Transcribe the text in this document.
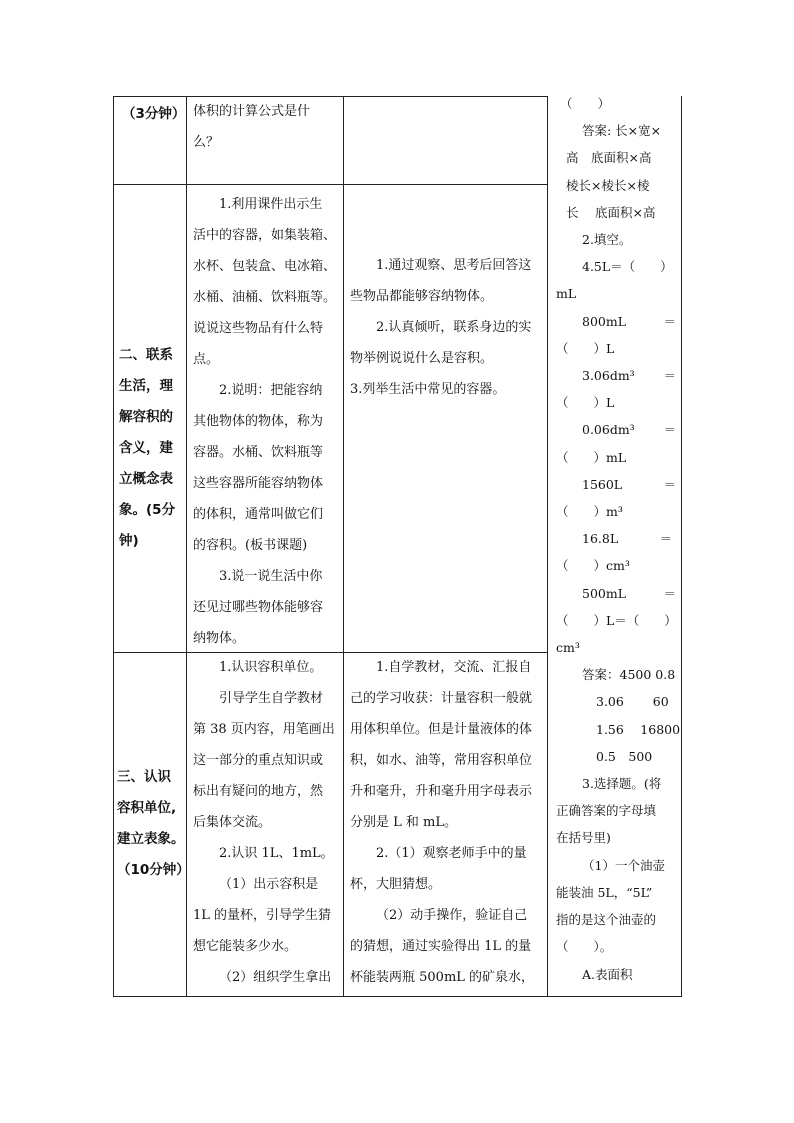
（3分钟） 体积的计算公式是什
么？
二、联系
生活，理
解容积的
含义，建
立概念表
象。(5分
钟)
1.利用课件出示生
活中的容器，如集装箱、
水杯、包装盒、电冰箱、
水桶、油桶、饮料瓶等。
说说这些物品有什么特
点。
2.说明：把能容纳
其他物体的物体，称为
容器。水桶、饮料瓶等
这些容器所能容纳物体
的体积，通常叫做它们
的容积。(板书课题)
3.说一说生活中你
还见过哪些物体能够容
纳物体。
1.通过观察、思考后回答这
些物品都能够容纳物体。
2.认真倾听，联系身边的实
物举例说说什么是容积。
3.列举生活中常见的容器。
三、认识
容积单位,
建立表象。
（10分钟）
1.认识容积单位。
引导学生自学教材
第 38 页内容，用笔画出
这一部分的重点知识或
标出有疑问的地方，然
后集体交流。
2.认识 1L、1mL。
（1）出示容积是
1L 的量杯，引导学生猜
想它能装多少水。
（2）组织学生拿出
1.自学教材，交流、汇报自
己的学习收获：计量容积一般就
用体积单位。但是计量液体的体
积，如水、油等，常用容积单位
升和毫升，升和毫升用字母表示
分别是 L 和 mL。
2.（1）观察老师手中的量
杯，大胆猜想。
（2）动手操作，验证自己
的猜想，通过实验得出 1L 的量
杯能装两瓶 500mL 的矿泉水，
（　　）
答案: 长×宽×
高　底面积×高
棱长×棱长×棱
长　 底面积×高
2.填空。
4.5L＝（　　）
mL
800mL　　　＝
（　　）L
3.06dm³　　 ＝
（　　）L
0.06dm³　　 ＝
（　　）mL
1560L　　　 ＝
（　　）m³
16.8L　　　 ＝
（　　）cm³
500mL　　　＝
（　　）L＝（　　）
cm³
答案：4500 0.8
3.06　　 60
1.56　 16800
0.5　500
3.选择题。(将
正确答案的字母填
在括号里)
（1）一个油壶
能装油 5L，“5L”
指的是这个油壶的
（　　）。
A.表面积
